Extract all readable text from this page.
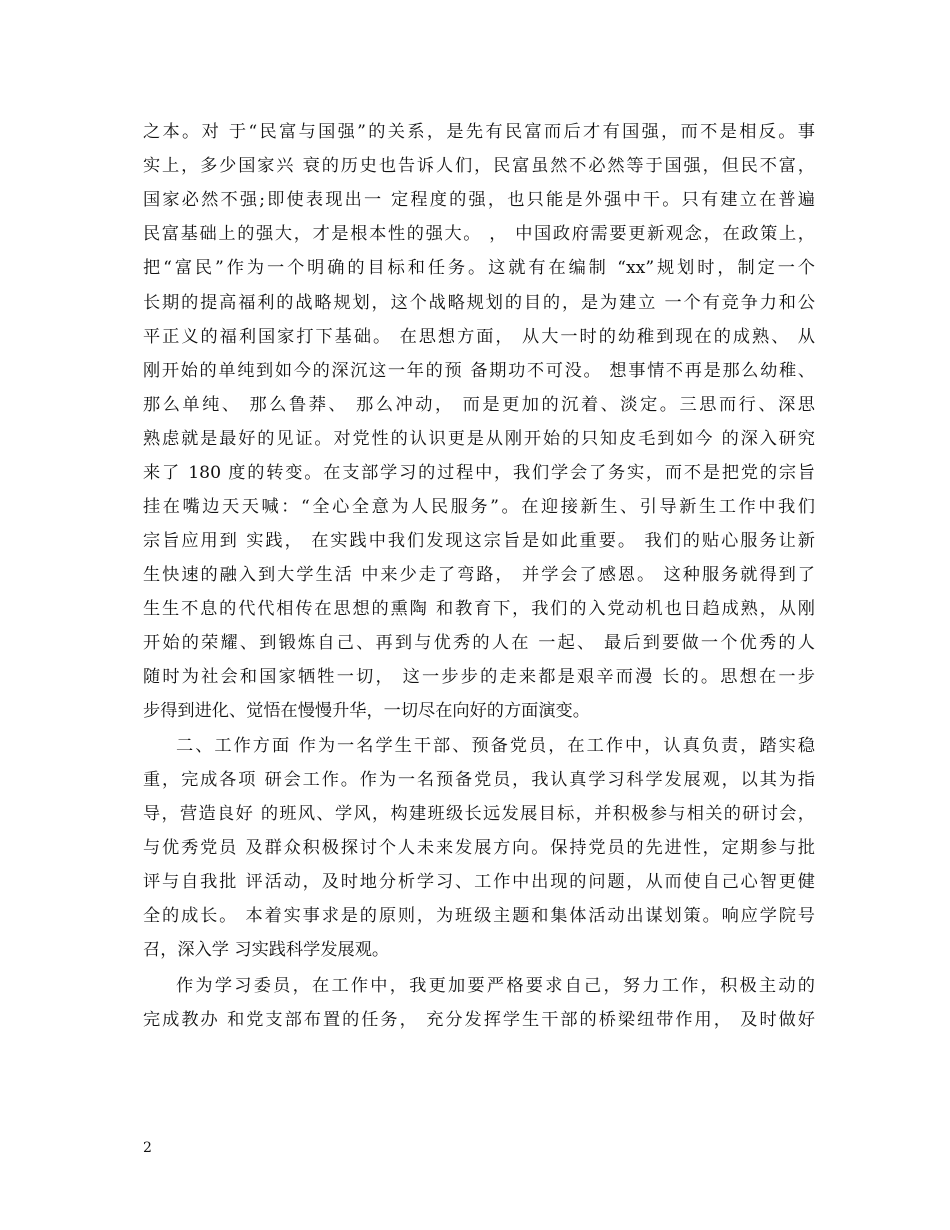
之本。对 于“民富与国强”的关系，是先有民富而后才有国强，而不是相反。事
实上，多少国家兴 衰的历史也告诉人们，民富虽然不必然等于国强，但民不富，
国家必然不强;即使表现出一 定程度的强，也只能是外强中干。只有建立在普遍
民富基础上的强大，才是根本性的强大。 ， 中国政府需要更新观念，在政策上，
把“富民”作为一个明确的目标和任务。这就有在编制 “xx”规划时，制定一个
长期的提高福利的战略规划，这个战略规划的目的，是为建立 一个有竞争力和公
平正义的福利国家打下基础。 在思想方面， 从大一时的幼稚到现在的成熟、 从
刚开始的单纯到如今的深沉这一年的预 备期功不可没。 想事情不再是那么幼稚、
那么单纯、 那么鲁莽、 那么冲动， 而是更加的沉着、淡定。三思而行、深思
熟虑就是最好的见证。对党性的认识更是从刚开始的只知皮毛到如今 的深入研究
来了 180 度的转变。在支部学习的过程中，我们学会了务实，而不是把党的宗旨
挂在嘴边天天喊：“全心全意为人民服务”。在迎接新生、引导新生工作中我们
宗旨应用到 实践， 在实践中我们发现这宗旨是如此重要。 我们的贴心服务让新
生快速的融入到大学生活 中来少走了弯路， 并学会了感恩。 这种服务就得到了
生生不息的代代相传在思想的熏陶 和教育下，我们的入党动机也日趋成熟，从刚
开始的荣耀、到锻炼自己、再到与优秀的人在 一起、 最后到要做一个优秀的人
随时为社会和国家牺牲一切， 这一步步的走来都是艰辛而漫 长的。思想在一步
步得到进化、觉悟在慢慢升华，一切尽在向好的方面演变。
二、工作方面 作为一名学生干部、预备党员，在工作中，认真负责，踏实稳
重，完成各项 研会工作。作为一名预备党员，我认真学习科学发展观，以其为指
导，营造良好 的班风、学风，构建班级长远发展目标，并积极参与相关的研讨会，
与优秀党员 及群众积极探讨个人未来发展方向。保持党员的先进性，定期参与批
评与自我批 评活动，及时地分析学习、工作中出现的问题，从而使自己心智更健
全的成长。 本着实事求是的原则，为班级主题和集体活动出谋划策。响应学院号
召，深入学 习实践科学发展观。
作为学习委员，在工作中，我更加要严格要求自己，努力工作，积极主动的
完成教办 和党支部布置的任务， 充分发挥学生干部的桥梁纽带作用， 及时做好
2
